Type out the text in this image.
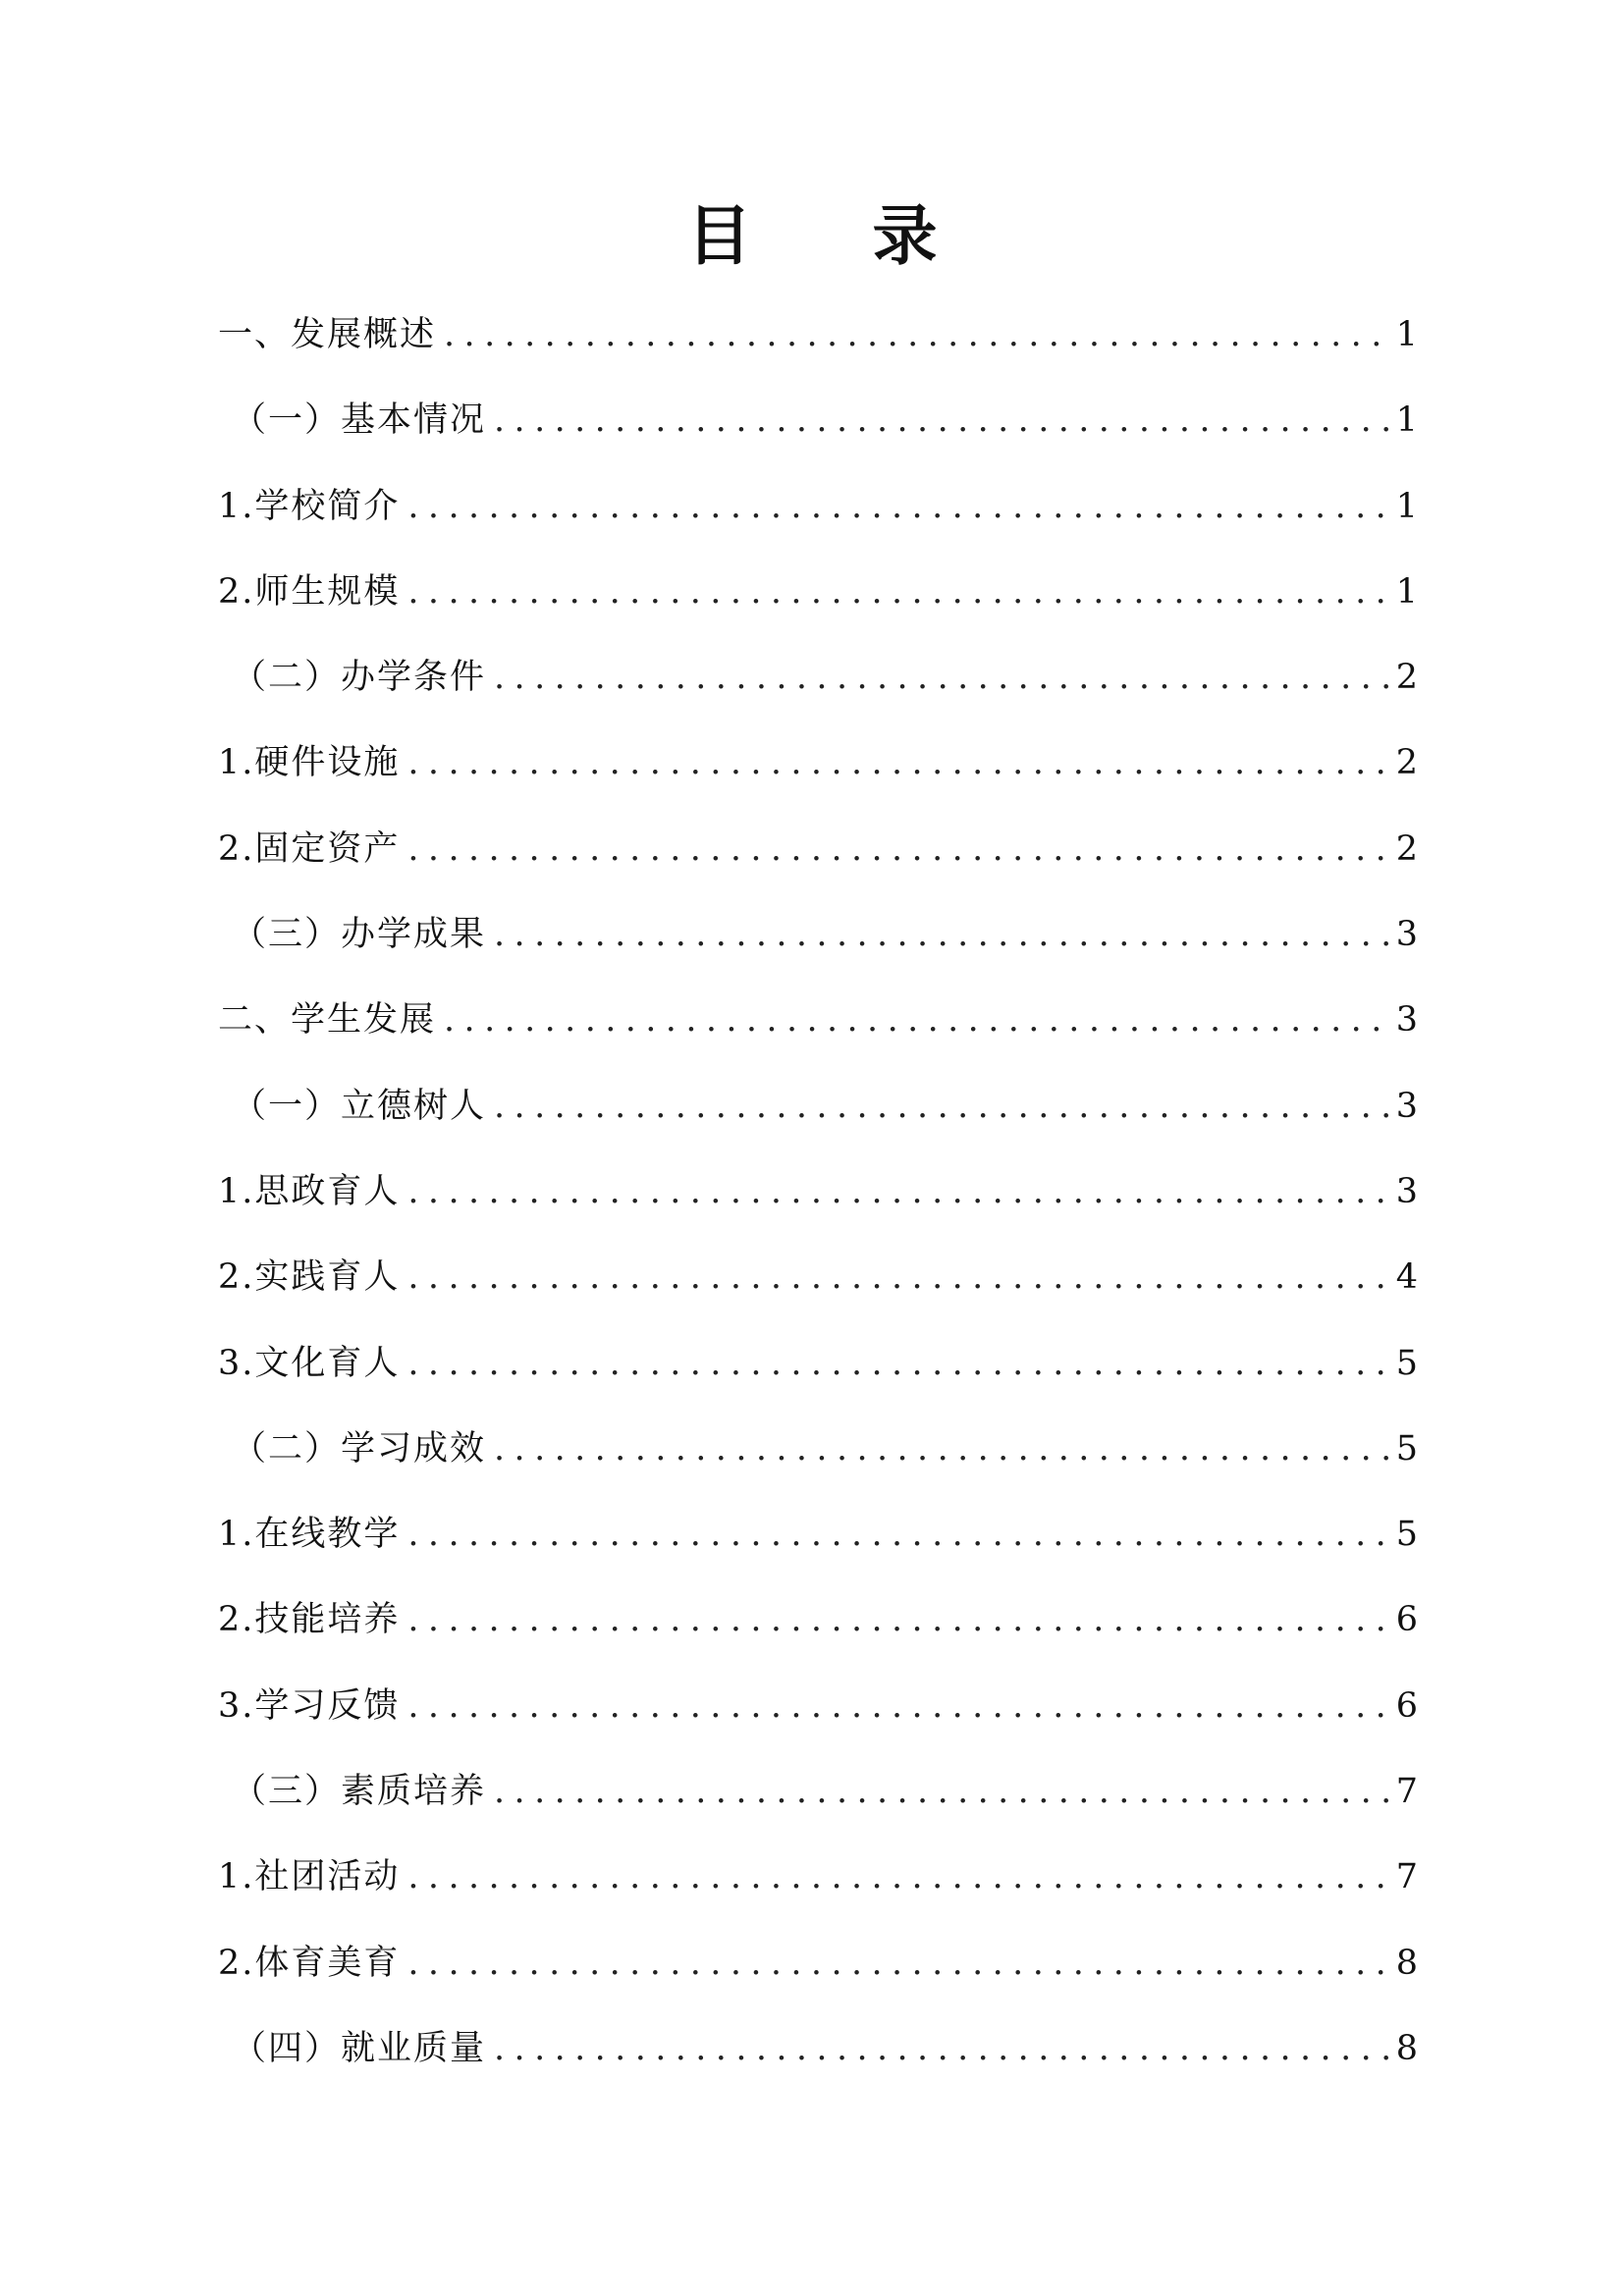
目 录
一、发展概述 .....	1
（一）基本情况 .....	1
1.学校简介 .....	1
2.师生规模 .....	1
（二）办学条件 .....	2
1.硬件设施 .....	2
2.固定资产 .....	2
（三）办学成果 .....	3
二、学生发展 .....	3
（一）立德树人 .....	3
1.思政育人 .....	3
2.实践育人 .....	4
3.文化育人 .....	5
（二）学习成效 .....	5
1.在线教学 .....	5
2.技能培养 .....	6
3.学习反馈 .....	6
（三）素质培养 .....	7
1.社团活动 .....	7
2.体育美育 .....	8
（四）就业质量 .....	8
